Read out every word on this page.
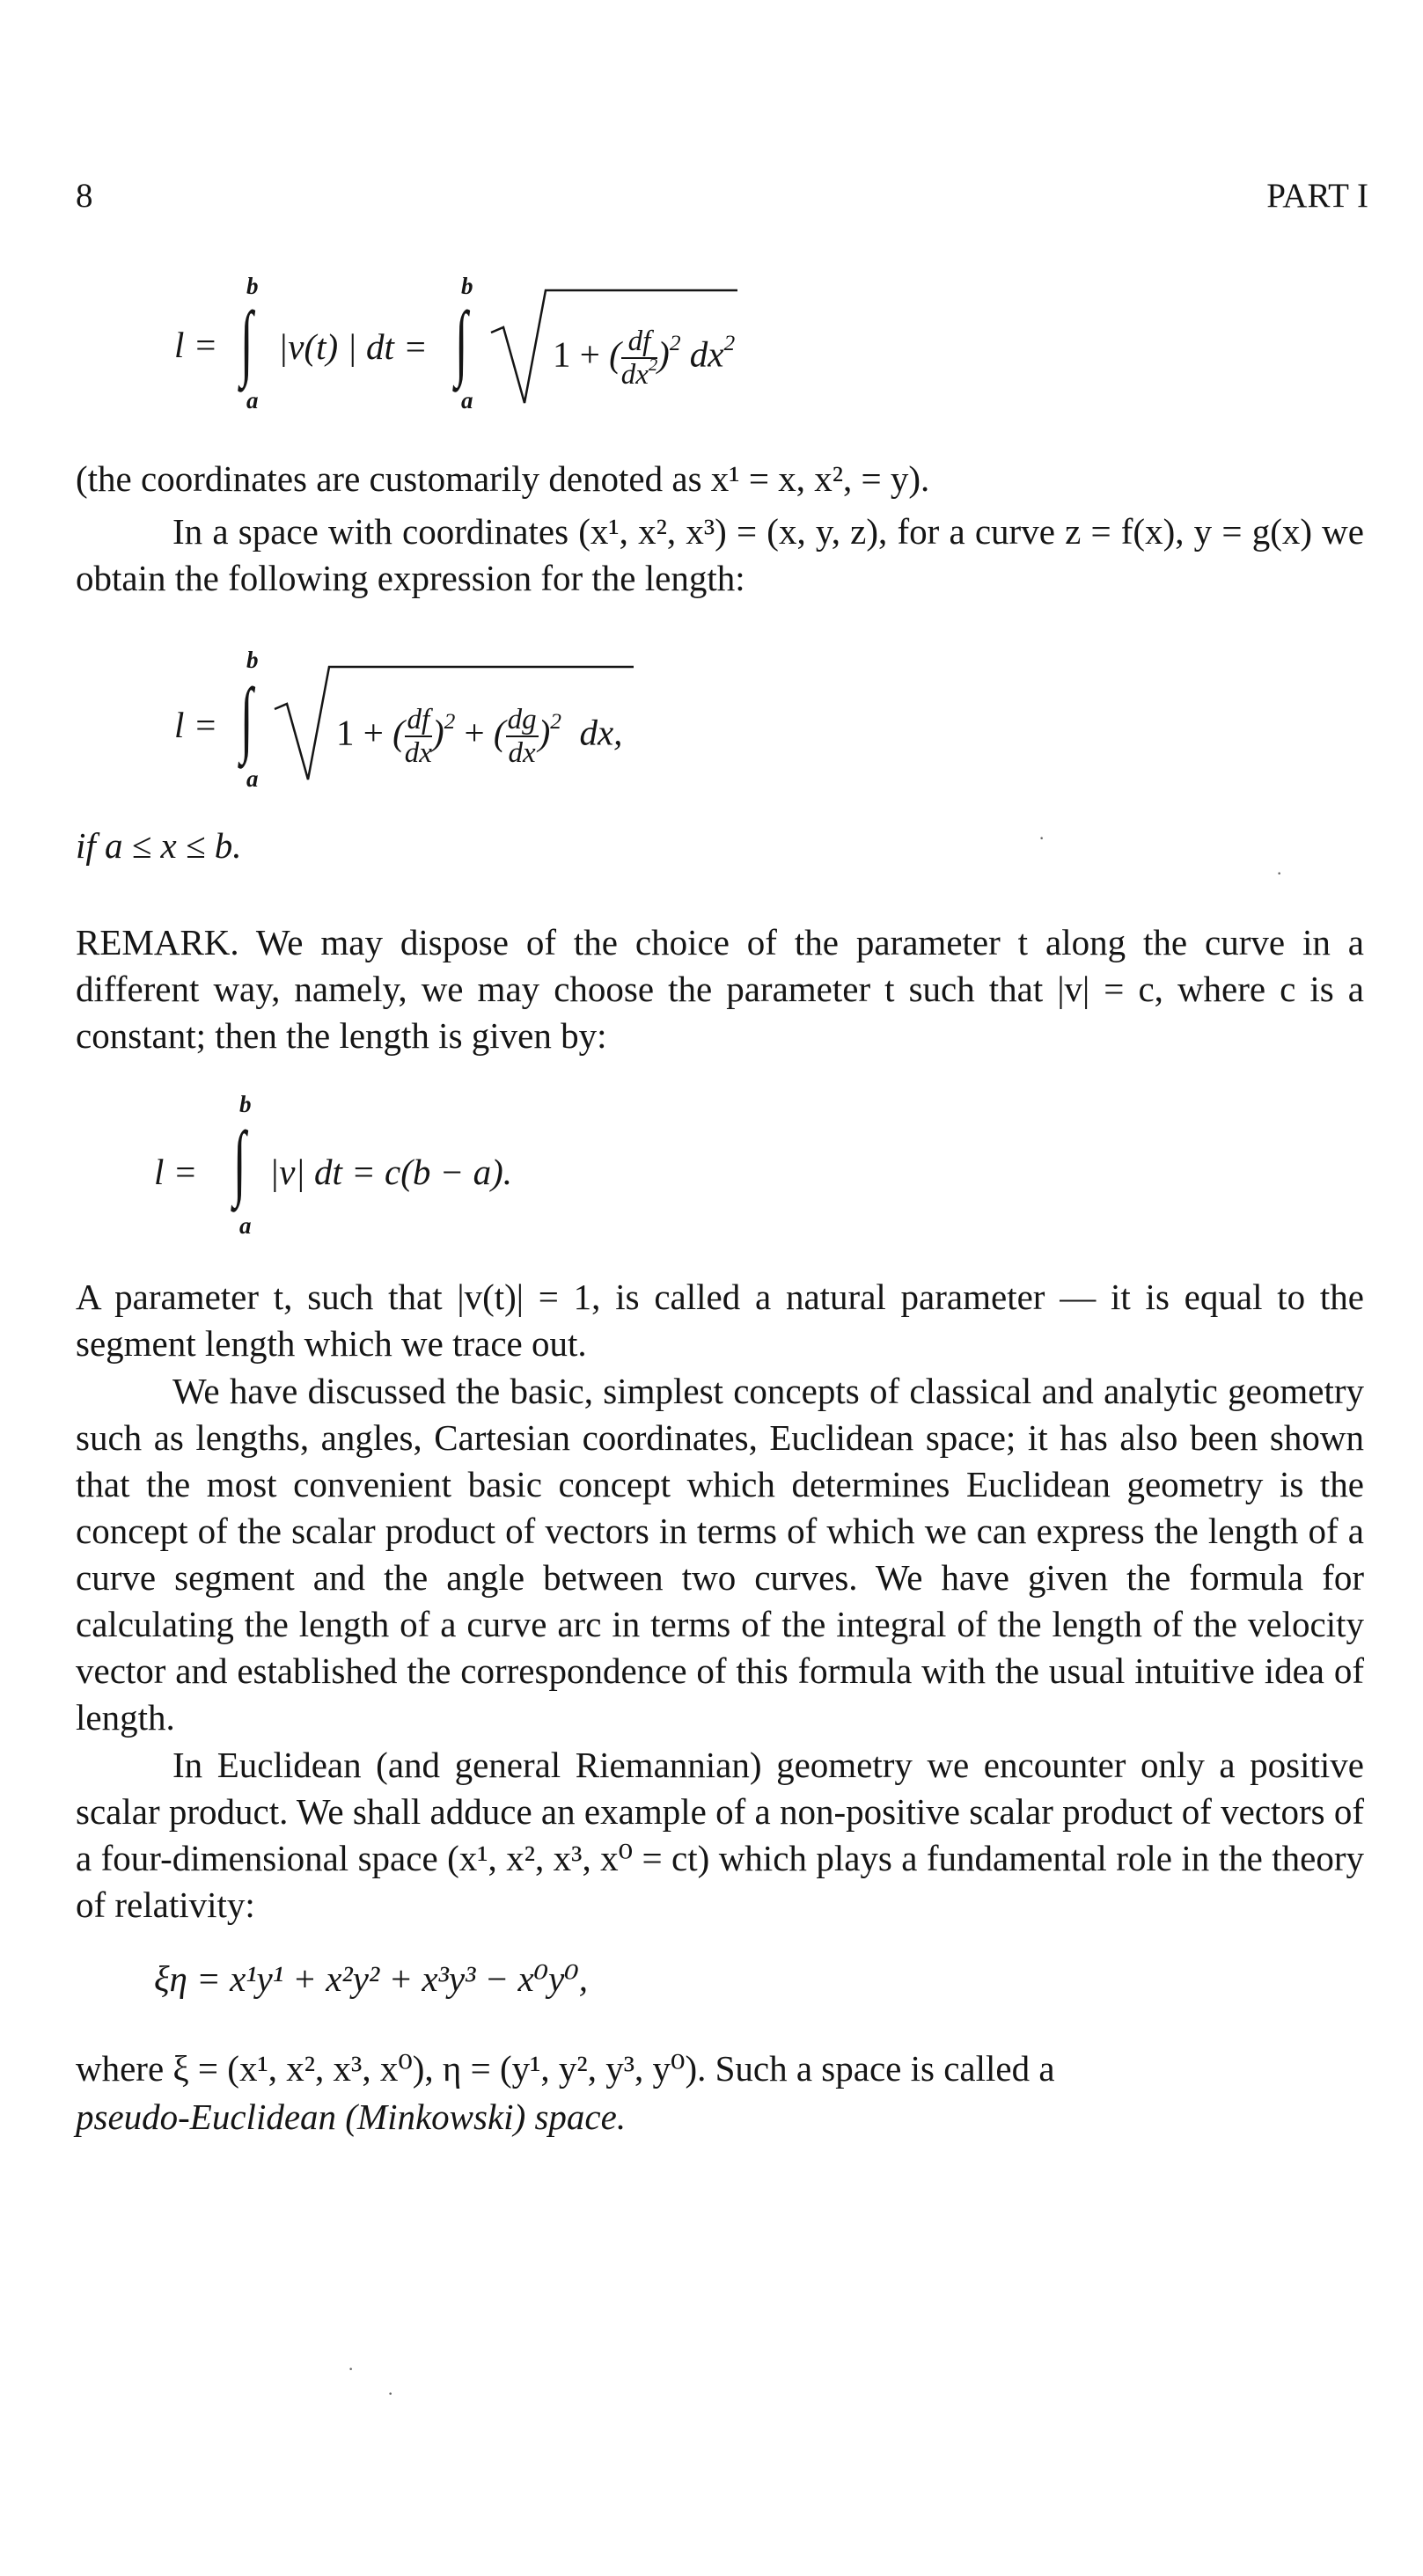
8	PART I
l =
b
∫
a
|v(t) | dt =
b
∫
a
1 + ( $\frac{df}{dx^2} )^2$ $dx^2$
(the coordinates are customarily denoted as x¹ = x, x², = y).
In a space with coordinates (x¹, x², x³) = (x, y, z), for a curve z = f(x), y = g(x) we obtain the following expression for the length:
l =
b
∫
a
1 + ( $\frac{df}{dx} )^2$ + ( $\frac{dg}{dx} )^2$ dx,
if a ≤ x ≤ b.
REMARK. We may dispose of the choice of the parameter t along the curve in a different way, namely, we may choose the parameter t such that |v| = c, where c is a constant; then the length is given by:
l =
b
∫
a
|v| dt = c(b − a).
A parameter t, such that |v(t)| = 1, is called a natural parameter — it is equal to the segment length which we trace out.
We have discussed the basic, simplest concepts of classical and analytic geometry such as lengths, angles, Cartesian coordinates, Euclidean space; it has also been shown that the most convenient basic concept which determines Euclidean geometry is the concept of the scalar product of vectors in terms of which we can express the length of a curve segment and the angle between two curves. We have given the formula for calculating the length of a curve arc in terms of the integral of the length of the velocity vector and established the correspondence of this formula with the usual intuitive idea of length.
In Euclidean (and general Riemannian) geometry we encounter only a positive scalar product. We shall adduce an example of a non-positive scalar product of vectors of a four-dimensional space (x¹, x², x³, x⁰ = ct) which plays a fundamental role in the theory of relativity:
ξη = x¹y¹ + x²y² + x³y³ − x⁰y⁰,
where ξ = (x¹, x², x³, x⁰), η = (y¹, y², y³, y⁰). Such a space is called a
pseudo-Euclidean (Minkowski) space.
·
·
·
·
